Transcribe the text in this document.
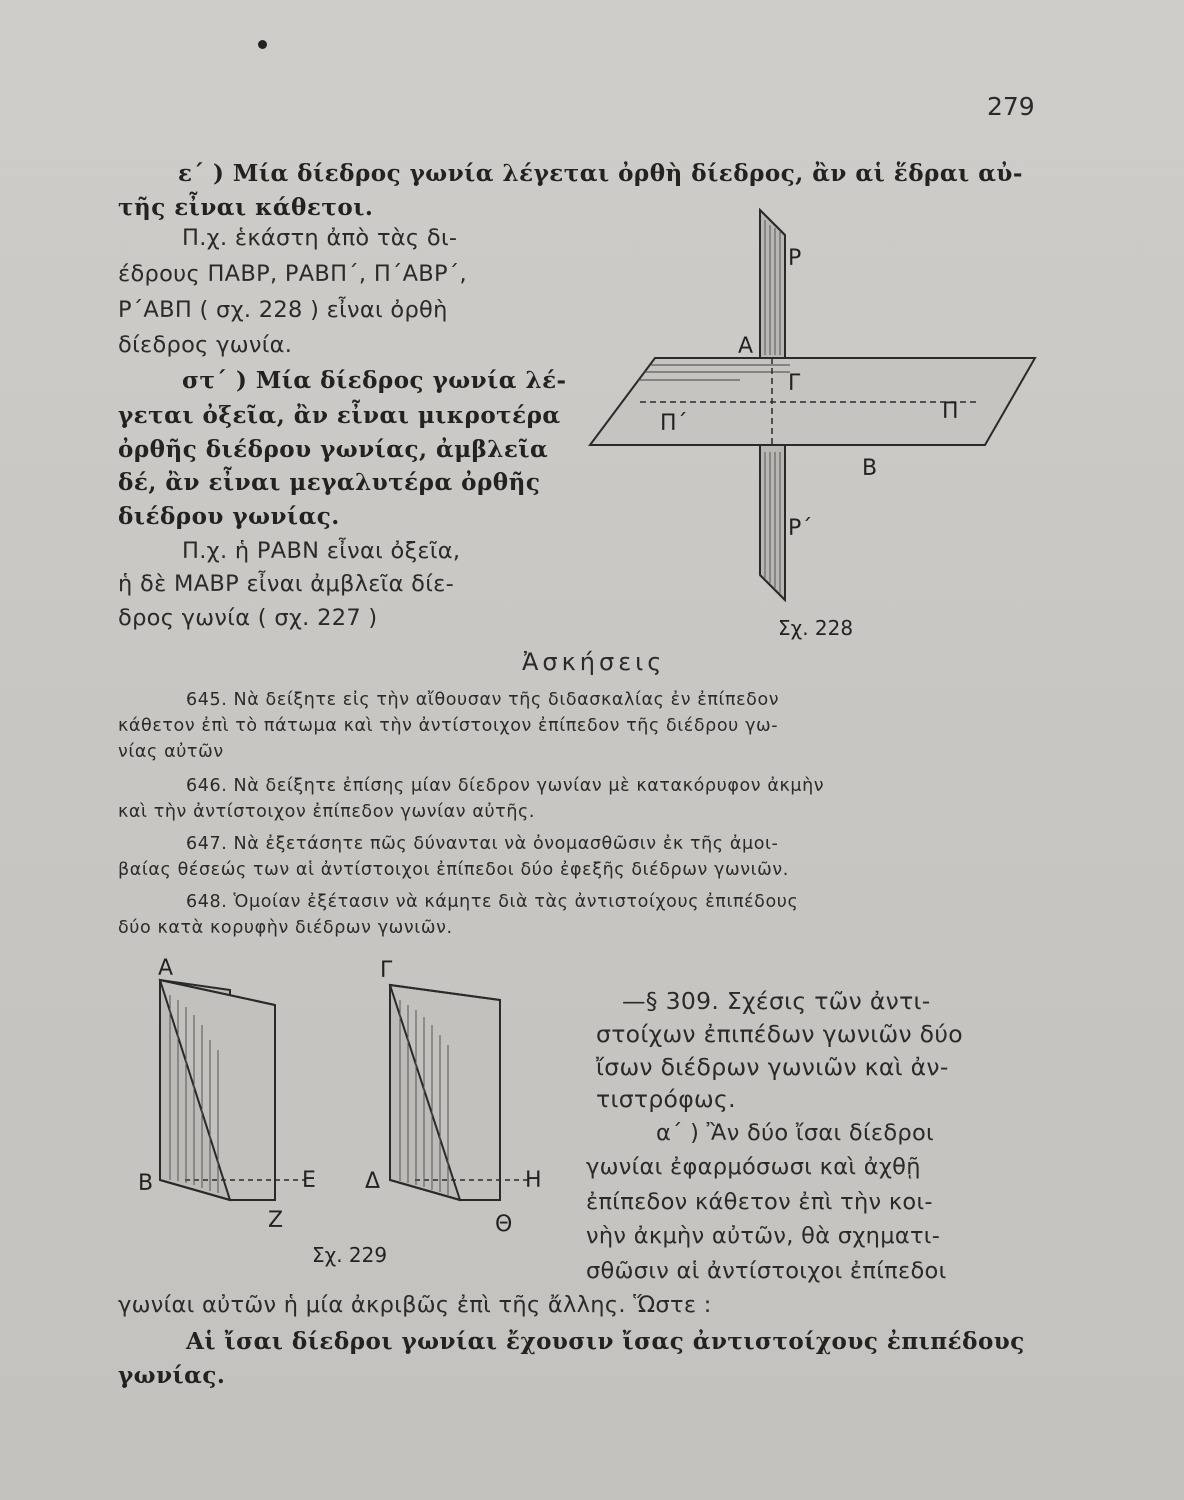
279
ε΄ ) Μία δίεδρος γωνία λέγεται ὀρθὴ δίεδρος, ἂν αἱ ἕδραι αὐ-
τῆς εἶναι κάθετοι.
Π.χ. ἑκάστη ἀπὸ τὰς δι-
έδρους ΠΑΒΡ, ΡΑΒΠ΄, Π΄ΑΒΡ΄,
Ρ΄ΑΒΠ ( σχ. 228 ) εἶναι ὀρθὴ
δίεδρος γωνία.
στ΄ ) Μία δίεδρος γωνία λέ-
γεται ὀξεῖα, ἂν εἶναι μικροτέρα
ὀρθῆς διέδρου γωνίας, ἀμβλεῖα
δέ, ἂν εἶναι μεγαλυτέρα ὀρθῆς
διέδρου γωνίας.
Π.χ. ἡ ΡΑΒΝ εἶναι ὀξεῖα,
ἡ δὲ ΜΑΒΡ εἶναι ἀμβλεῖα δίε-
δρος γωνία ( σχ. 227 )
Ρ
Α
Γ
Π΄	Π
Β
Ρ΄
Σχ. 228
Ἀσκήσεις
645. Νὰ δείξητε εἰς τὴν αἴθουσαν τῆς διδασκαλίας ἐν ἐπίπεδον
κάθετον ἐπὶ τὸ πάτωμα καὶ τὴν ἀντίστοιχον ἐπίπεδον τῆς διέδρου γω-
νίας αὐτῶν
646. Νὰ δείξητε ἐπίσης μίαν δίεδρον γωνίαν μὲ κατακόρυφον ἀκμὴν
καὶ τὴν ἀντίστοιχον ἐπίπεδον γωνίαν αὐτῆς.
647. Νὰ ἐξετάσητε πῶς δύνανται νὰ ὀνομασθῶσιν ἐκ τῆς ἀμοι-
βαίας θέσεώς των αἱ ἀντίστοιχοι ἐπίπεδοι δύο ἐφεξῆς διέδρων γωνιῶν.
648. Ὁμοίαν ἐξέτασιν νὰ κάμητε διὰ τὰς ἀντιστοίχους ἐπιπέδους
δύο κατὰ κορυφὴν διέδρων γωνιῶν.
Α
Β	Ε
Ζ
Γ
Δ	Η
Θ
Σχ. 229
—§ 309. Σχέσις τῶν ἀντι-
στοίχων ἐπιπέδων γωνιῶν δύο
ἴσων διέδρων γωνιῶν καὶ ἀν-
τιστρόφως.
α΄ ) Ἂν δύο ἴσαι δίεδροι
γωνίαι ἐφαρμόσωσι καὶ ἀχθῇ
ἐπίπεδον κάθετον ἐπὶ τὴν κοι-
νὴν ἀκμὴν αὐτῶν, θὰ σχηματι-
σθῶσιν αἱ ἀντίστοιχοι ἐπίπεδοι
γωνίαι αὐτῶν ἡ μία ἀκριβῶς ἐπὶ τῆς ἄλλης. Ὥστε :
Αἱ ἴσαι δίεδροι γωνίαι ἔχουσιν ἴσας ἀντιστοίχους ἐπιπέδους
γωνίας.
